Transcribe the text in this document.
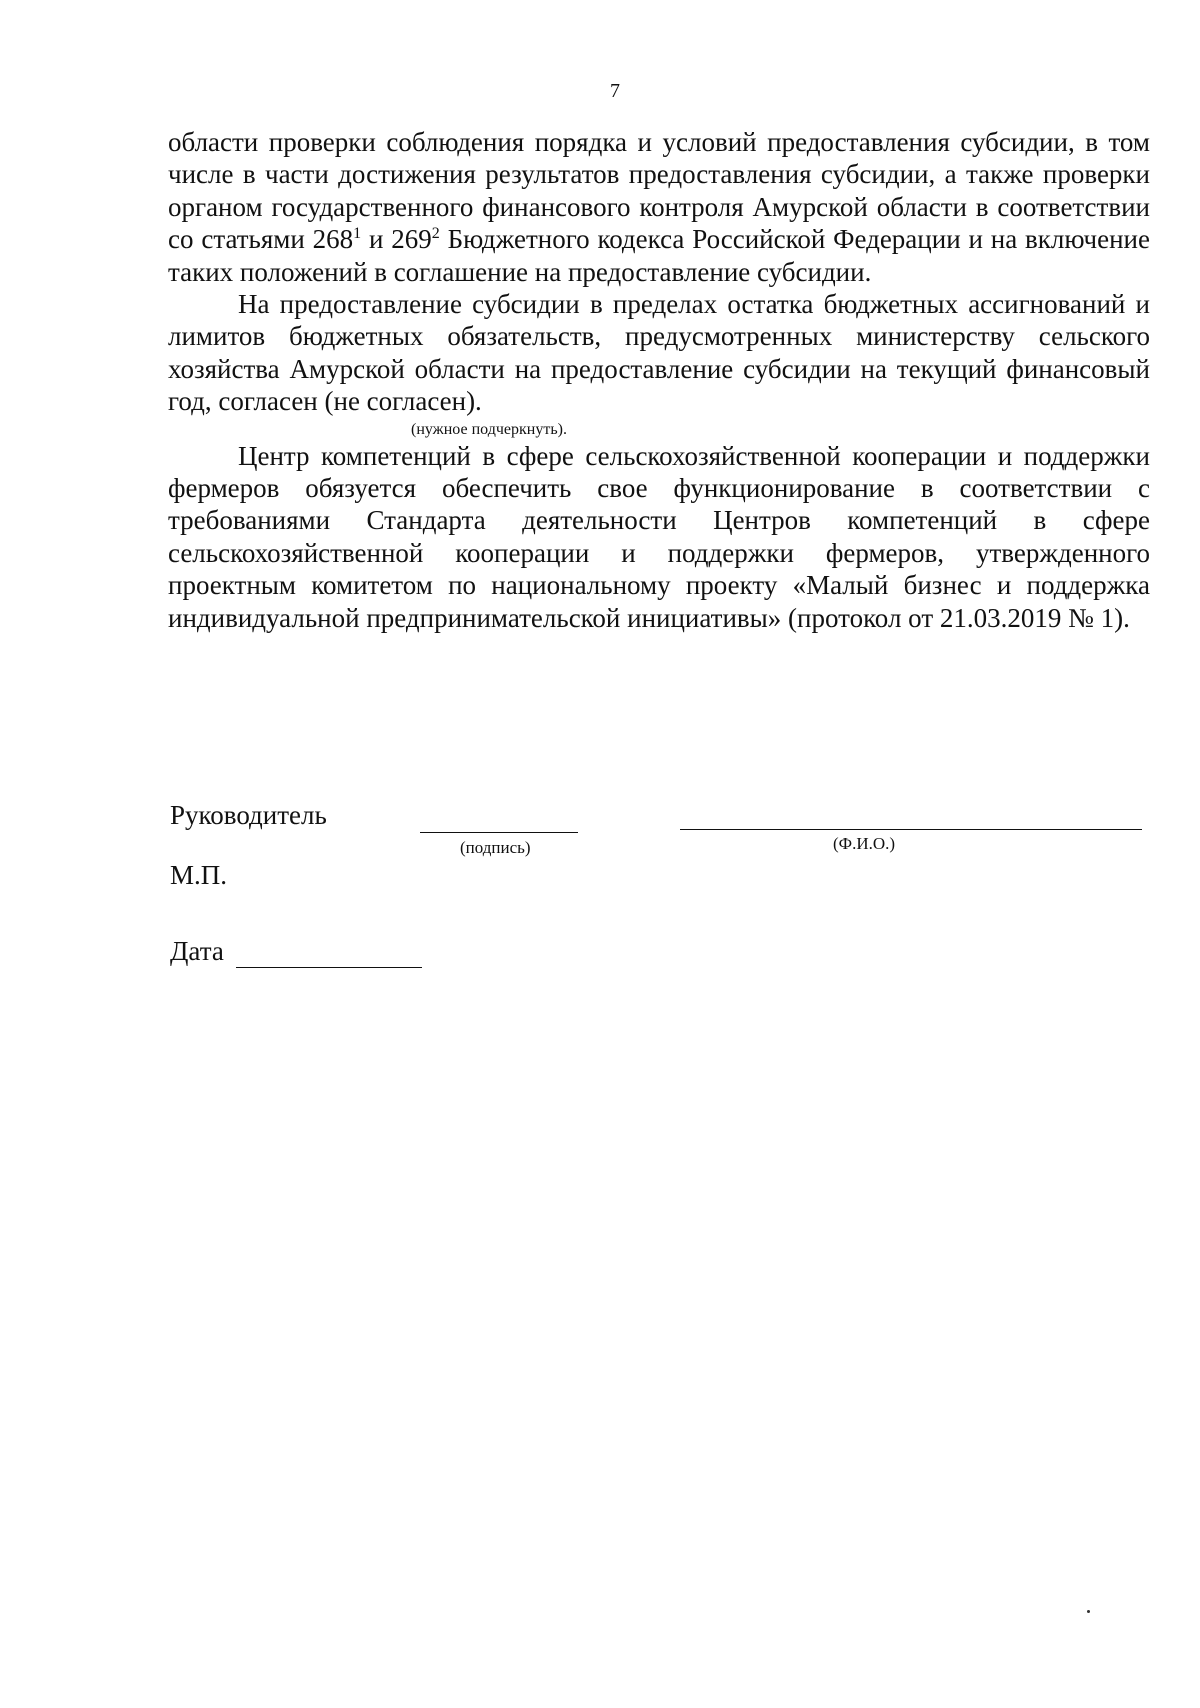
7

области проверки соблюдения порядка и условий предоставления субсидии, в том числе в части достижения результатов предоставления субсидии, а также проверки органом государственного финансового контроля Амурской области в соответствии со статьями $268^1$ и $269^2$ Бюджетного кодекса Российской Федерации и на включение таких положений в соглашение на предоставление субсидии.

На предоставление субсидии в пределах остатка бюджетных ассигнований и лимитов бюджетных обязательств, предусмотренных министерству сельского хозяйства Амурской области на предоставление субсидии на текущий финансовый год, согласен (не согласен).

(нужное подчеркнуть).

Центр компетенций в сфере сельскохозяйственной кооперации и поддержки фермеров обязуется обеспечить свое функционирование в соответствии с требованиями Стандарта деятельности Центров компетенций в сфере сельскохозяйственной кооперации и поддержки фермеров, утвержденного проектным комитетом по национальному проекту «Малый бизнес и поддержка индивидуальной предпринимательской инициативы» (протокол от 21.03.2019 № 1).

Руководитель
(подпись)	(Ф.И.О.)
М.П.
Дата
